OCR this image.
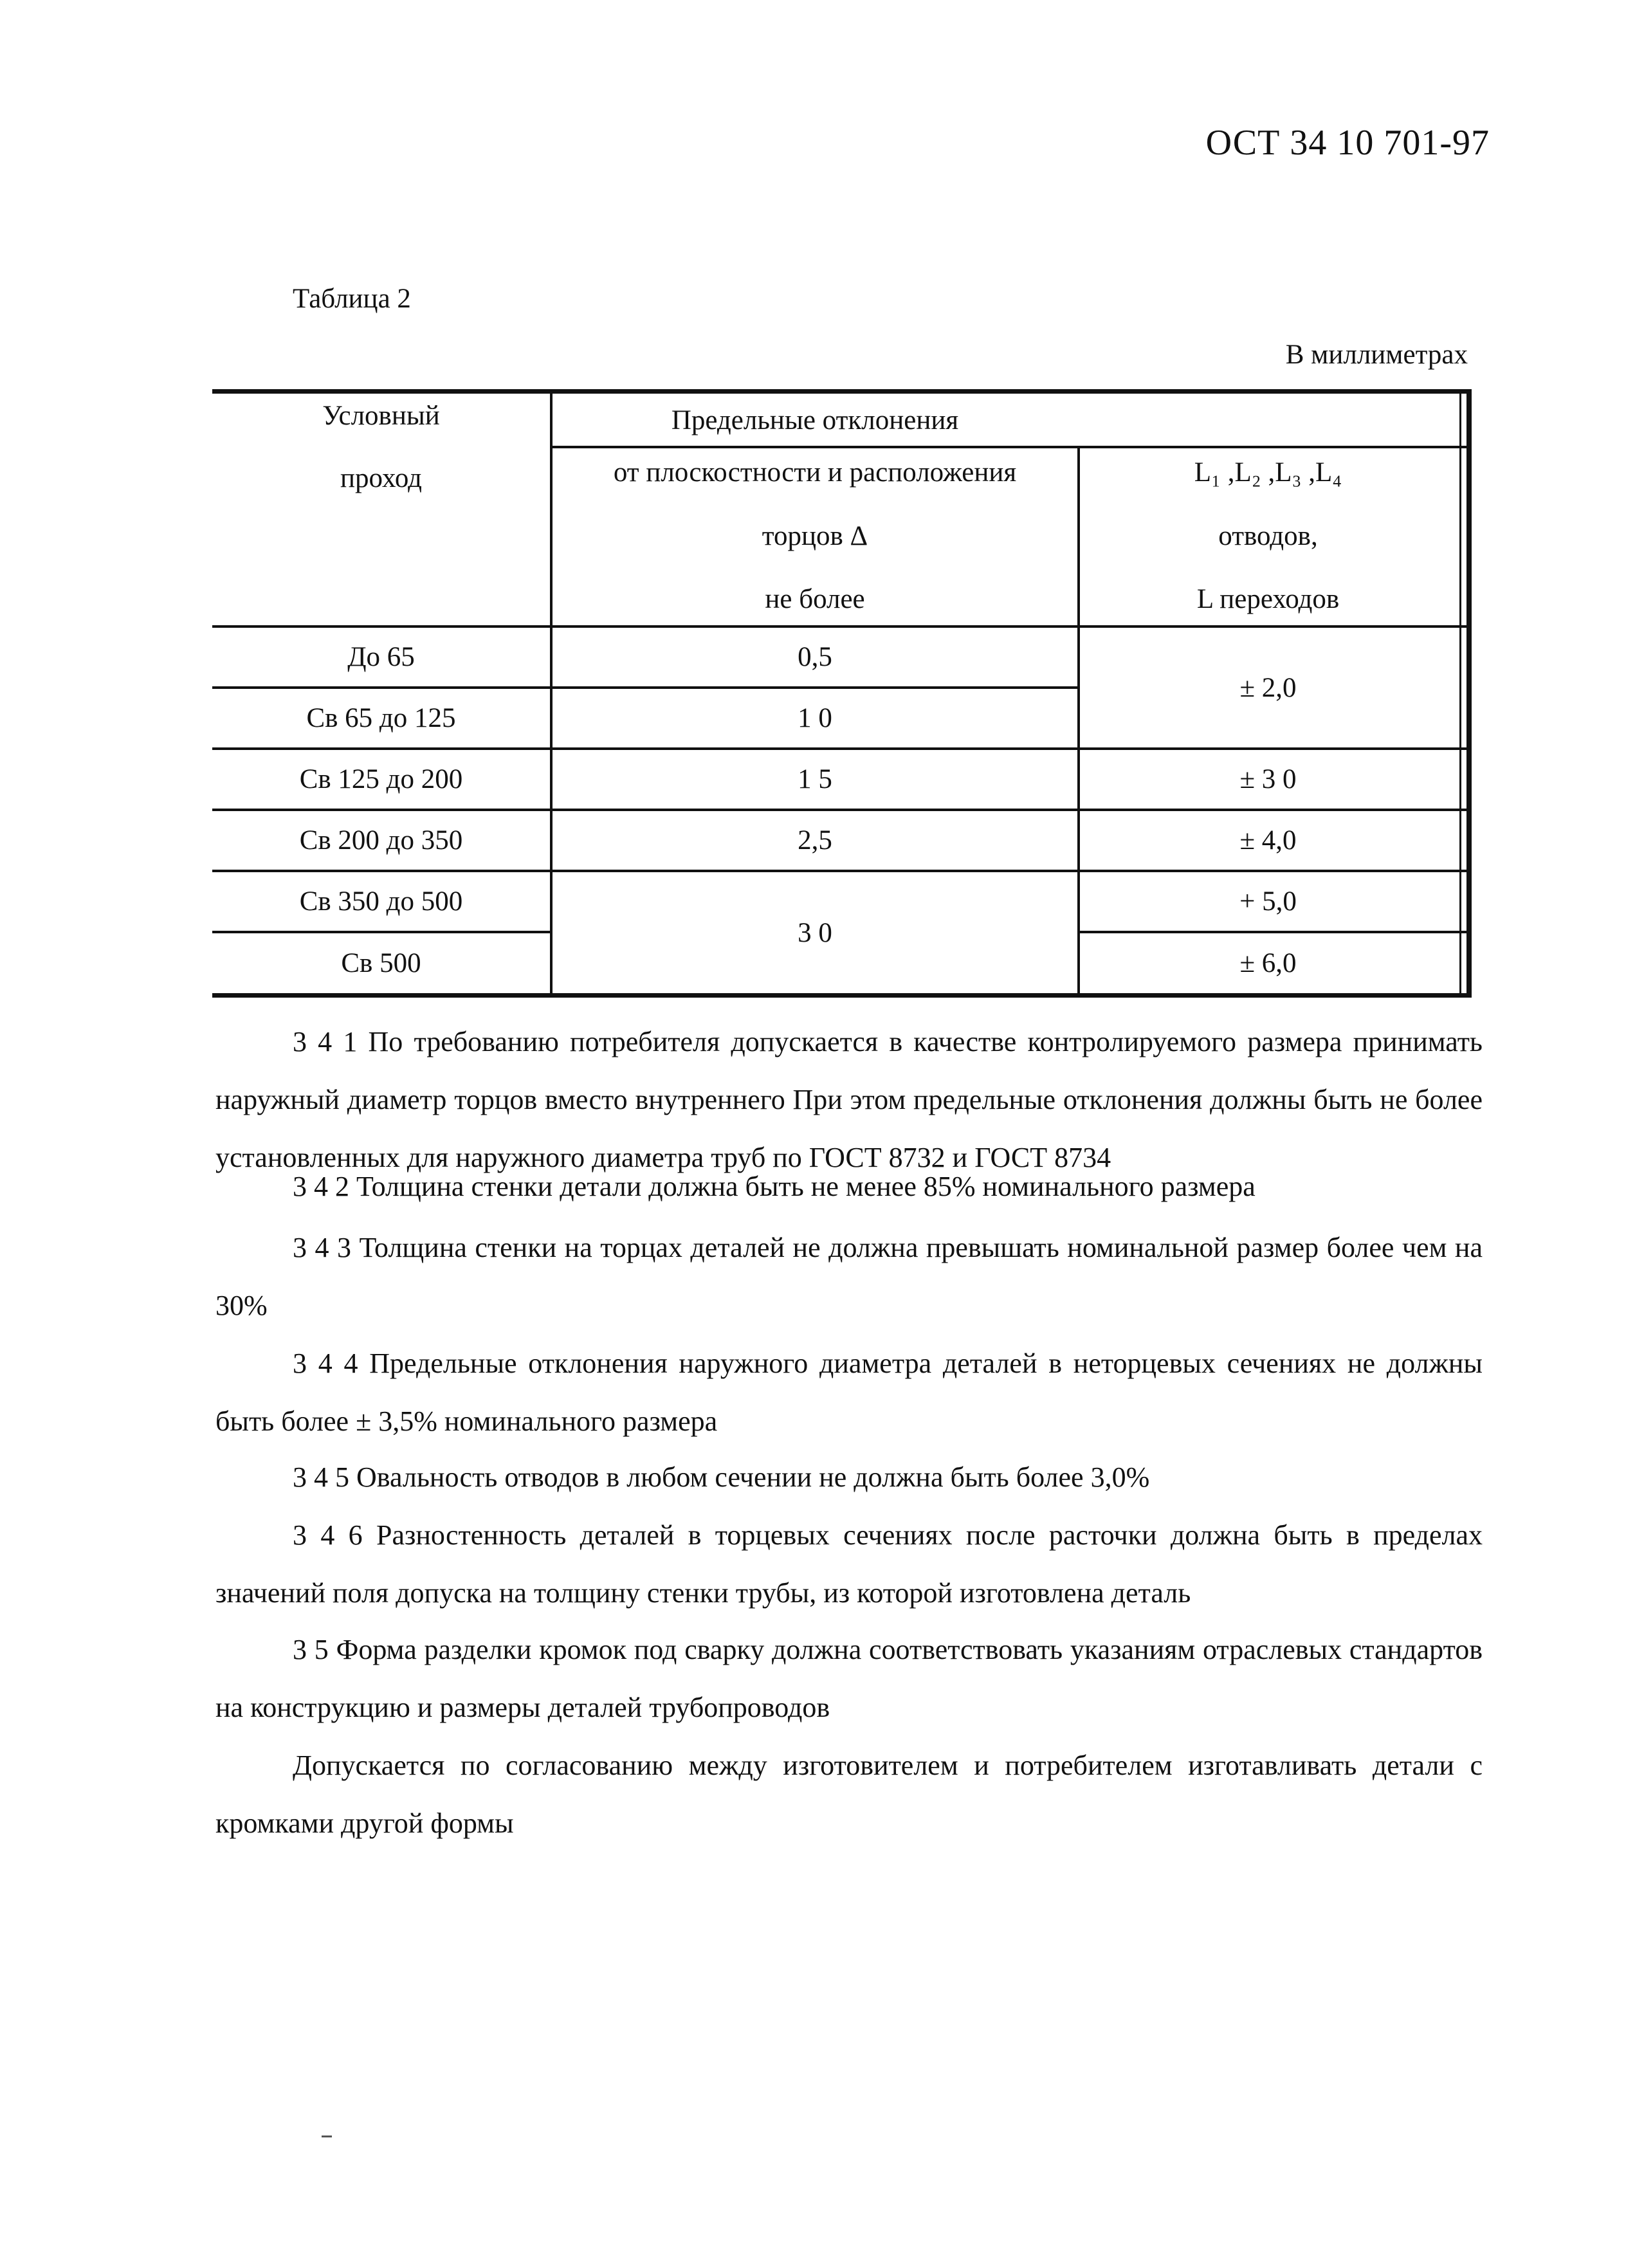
ОСТ 34 10 701-97
Таблица 2
В миллиметрах
Условный
проход
Предельные отклонения
от плоскостности и расположения
торцов Δ
не более
L₁ ,L₂ ,L₃ ,L₄
отводов,
L переходов
До 65
Св 65 до 125
Св 125 до 200
Св 200 до 350
Св 350 до 500
Св 500
0,5
1 0
1 5
2,5
3 0
± 2,0
± 3 0
± 4,0
+ 5,0
± 6,0
3 4 1 По требованию потребителя допускается в качестве контролируемого размера принимать наружный диаметр торцов вместо внутреннего При этом предельные отклонения должны быть не более установленных для наружного диаметра труб по ГОСТ 8732 и ГОСТ 8734
3 4 2 Толщина стенки детали должна быть не менее 85% номинального размера
3 4 3 Толщина стенки на торцах деталей не должна превышать номинальной размер более чем на 30%
3 4 4 Предельные отклонения наружного диаметра деталей в неторцевых сечениях не должны быть более ± 3,5% номинального размера
3 4 5 Овальность отводов в любом сечении не должна быть более 3,0%
3 4 6 Разностенность деталей в торцевых сечениях после расточки должна быть в пределах значений поля допуска на толщину стенки трубы, из которой изготовлена деталь
3 5 Форма разделки кромок под сварку должна соответствовать указаниям отраслевых стандартов на конструкцию и размеры деталей трубопроводов
Допускается по согласованию между изготовителем и потребителем изготавливать детали с кромками другой формы
